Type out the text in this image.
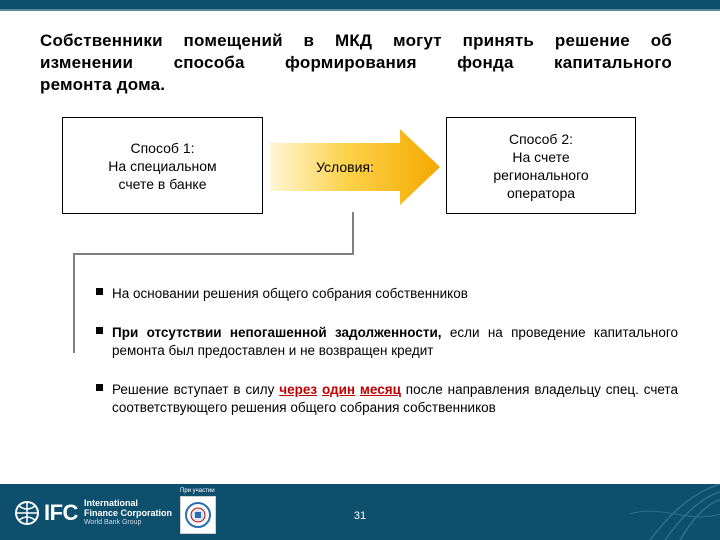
Собственники помещений в МКД могут принять решение об
изменении способа формирования фонда капитального
ремонта дома.
Способ 1:
На специальном
счете в банке
Условия:
Способ 2:
На счете
регионального
оператора
На основании решения общего собрания собственников
При отсутствии непогашенной задолженности, если на проведение капитального ремонта был предоставлен и не возвращен кредит
Решение вступает в силу через один месяц после направления владельцу спец. счета соответствующего решения общего собрания собственников
IFC International
Finance Corporation
World Bank Group
При участии
31
